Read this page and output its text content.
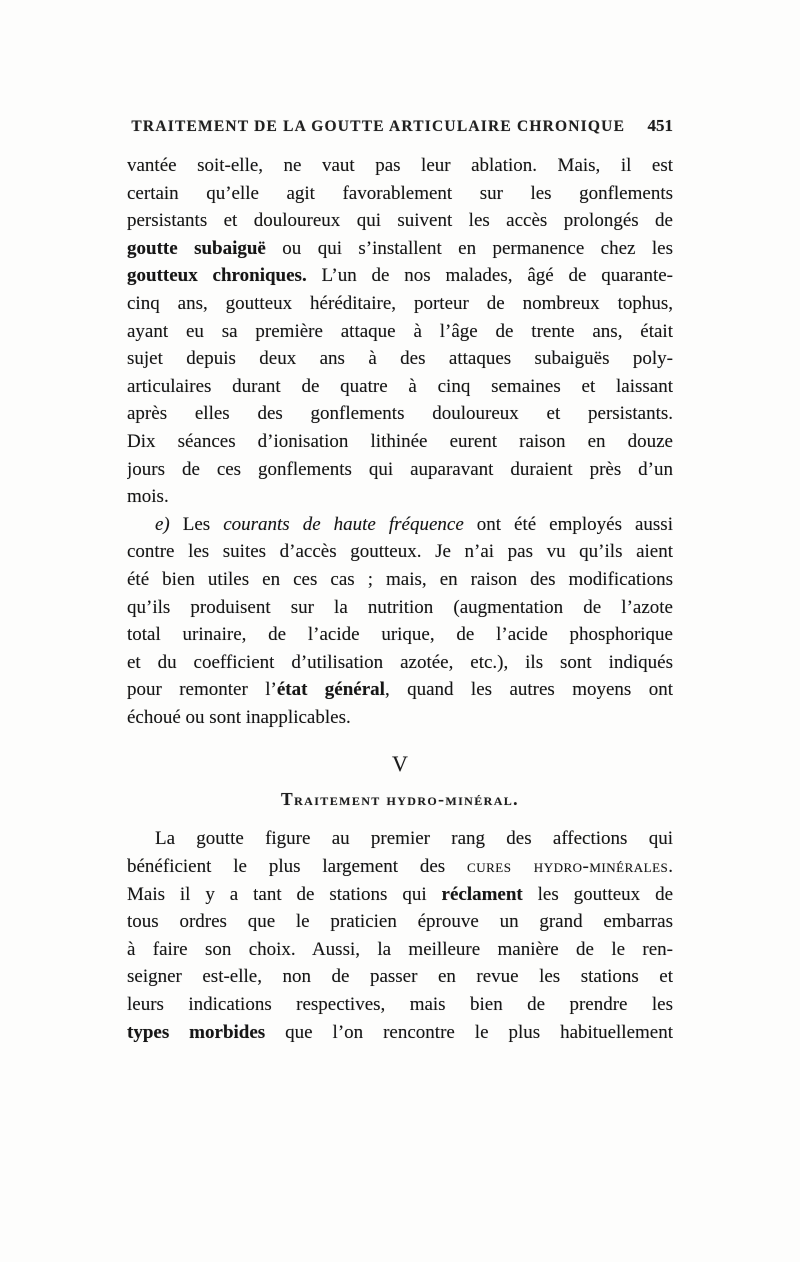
TRAITEMENT DE LA GOUTTE ARTICULAIRE CHRONIQUE 451
vantée soit-elle, ne vaut pas leur ablation. Mais, il est
certain qu’elle agit favorablement sur les gonflements
persistants et douloureux qui suivent les accès prolongés de
goutte subaiguë ou qui s’installent en permanence chez les
goutteux chroniques. L’un de nos malades, âgé de quarante-
cinq ans, goutteux héréditaire, porteur de nombreux tophus,
ayant eu sa première attaque à l’âge de trente ans, était
sujet depuis deux ans à des attaques subaiguës poly-
articulaires durant de quatre à cinq semaines et laissant
après elles des gonflements douloureux et persistants.
Dix séances d’ionisation lithinée eurent raison en douze
jours de ces gonflements qui auparavant duraient près d’un
mois.
e) Les courants de haute fréquence ont été employés aussi
contre les suites d’accès goutteux. Je n’ai pas vu qu’ils aient
été bien utiles en ces cas ; mais, en raison des modifications
qu’ils produisent sur la nutrition (augmentation de l’azote
total urinaire, de l’acide urique, de l’acide phosphorique
et du coefficient d’utilisation azotée, etc.), ils sont indiqués
pour remonter l’état général, quand les autres moyens ont
échoué ou sont inapplicables.
V
Traitement hydro-minéral.
La goutte figure au premier rang des affections qui
bénéficient le plus largement des cures hydro-minérales.
Mais il y a tant de stations qui réclament les goutteux de
tous ordres que le praticien éprouve un grand embarras
à faire son choix. Aussi, la meilleure manière de le ren-
seigner est-elle, non de passer en revue les stations et
leurs indications respectives, mais bien de prendre les
types morbides que l’on rencontre le plus habituellement
